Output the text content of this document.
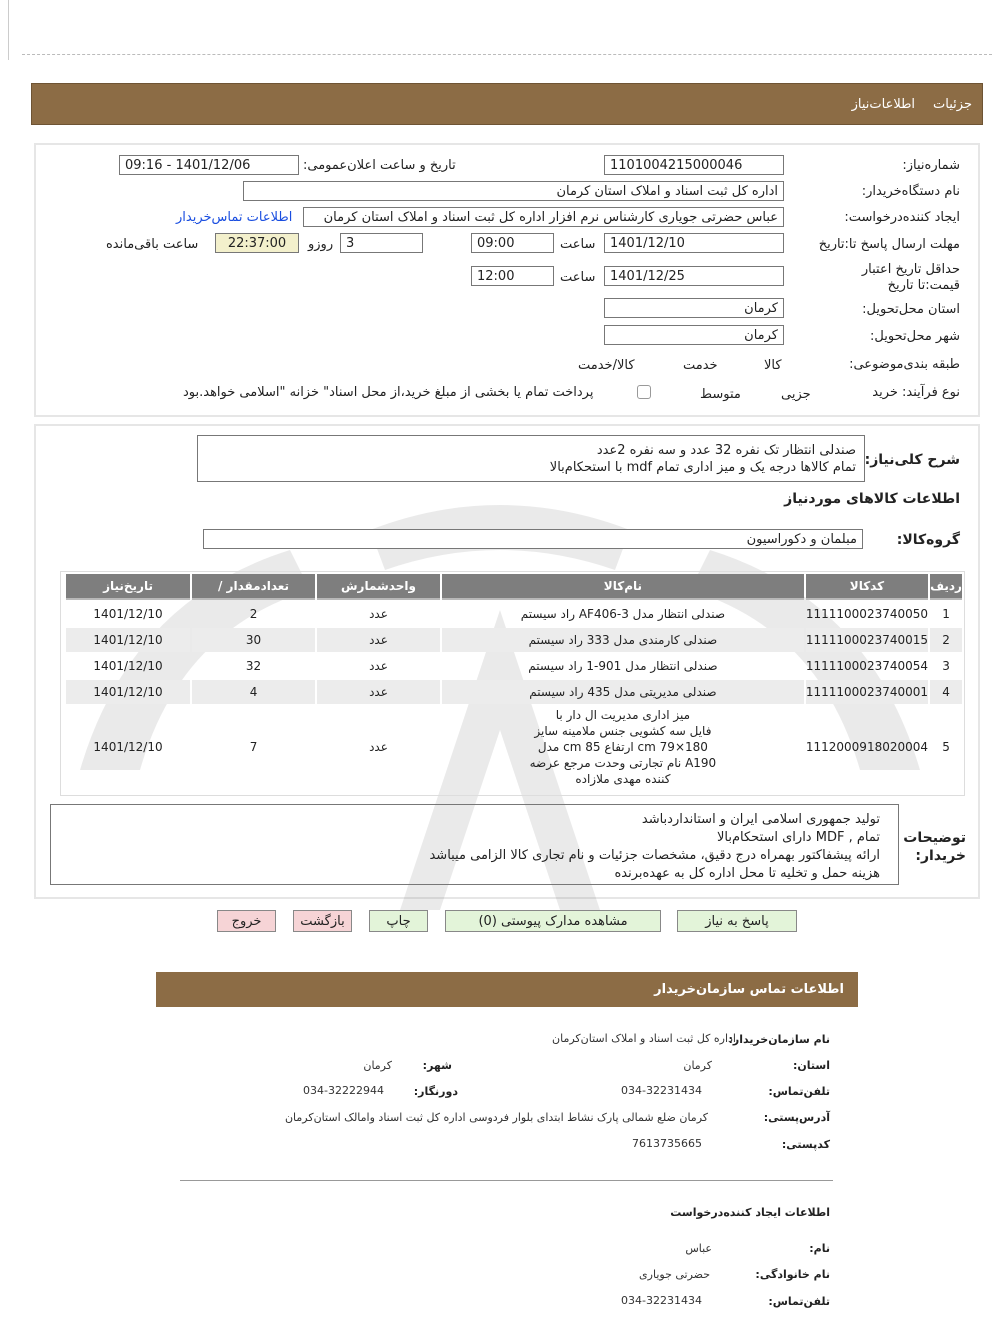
جزئیات
اطلاعات‌نیاز
شماره‌نیاز:
1101004215000046
تاریخ و ساعت اعلان‌عمومی:
1401/12/06 - 09:16
نام دستگاه‌خریدار:
اداره کل ثبت اسناد و املاک استان کرمان
ایجاد کننده‌درخواست:
عباس حضرتی جویاری کارشناس نرم افزار اداره کل ثبت اسناد و املاک استان کرمان
اطلاعات تماس‌خریدار
مهلت ارسال پاسخ تا:تاریخ
1401/12/10
ساعت
09:00
3
روزو
22:37:00
ساعت باقی‌مانده
حداقل تاریخ اعتبار قیمت:تا تاریخ
1401/12/25
ساعت
12:00
استان محل‌تحویل:
کرمان
شهر محل‌تحویل:
کرمان
طبقه بندی‌موضوعی:

کالا

خدمت

کالا/خدمت
نوع فرآیند: خرید

جزیی
متوسط
پرداخت تمام یا بخشی از مبلغ خرید،از محل اسناد" خزانه "اسلامی خواهد.بود
شرح کلی‌نیاز:
صندلی انتظار تک نفره 32 عدد و سه نفره 2عدد
تمام کالاها درجه یک و میز اداری تمام mdf با استحکام‌بالا
اطلاعات کالاهای موردنیاز
گروه‌کالا:
مبلمان و دکوراسیون
ردیف	کدکالا	نام‌کالا	واحدشمارش	تعدادمقدار /	تاریخ‌نیاز
1	1111100023740050	صندلی انتظار مدل AF406-3 راد سیستم	عدد	2	1401/12/10
2	1111100023740015	صندلی کارمندی مدل 333 راد سیستم	عدد	30	1401/12/10
3	1111100023740054	صندلی انتظار مدل 901-1 راد سیستم	عدد	32	1401/12/10
4	1111100023740001	صندلی مدیریتی مدل 435 راد سیستم	عدد	4	1401/12/10
5	1112000918020004	میز اداری مدیریت ال دار با
فایل سه کشویی جنس ملامینه سایز
180×79 cm ارتفاع 85 cm مدل
A190 نام تجارتی وحدت مرجع عرضه
کننده مهدی ملازاده	عدد	7	1401/12/10
توضیحات
خریدار:
تولید جمهوری اسلامی ایران و استانداردباشد
تمام , MDF دارای استحکام‌بالا
ارائه پیشفاکتور بهمراه درج دقیق، مشخصات جزئیات و نام تجاری کالا الزامی میباشد
هزینه حمل و تخلیه تا محل اداره کل به عهده‌برنده
پاسخ به نیاز
مشاهده مدارک پیوستی (0)
چاپ
بازگشت
خروج
اطلاعات تماس سازمان‌خریدار
نام سازمان‌خریدار:
اداره کل ثبت اسناد و املاک استان‌کرمان
استان:
کرمان
شهر:
کرمان
تلفن‌تماس:
034-32231434
دورنگار:
034-32222944
آدرس‌پستی:
کرمان ضلع شمالی پارک نشاط ابتدای بلوار فردوسی اداره کل ثبت اسناد وامالک استان‌کرمان
کدپستی:
7613735665
اطلاعات ایجاد کننده‌درخواست
نام:
عباس
نام خانوادگی:
حضرتی جویاری
تلفن‌تماس:
034-32231434
